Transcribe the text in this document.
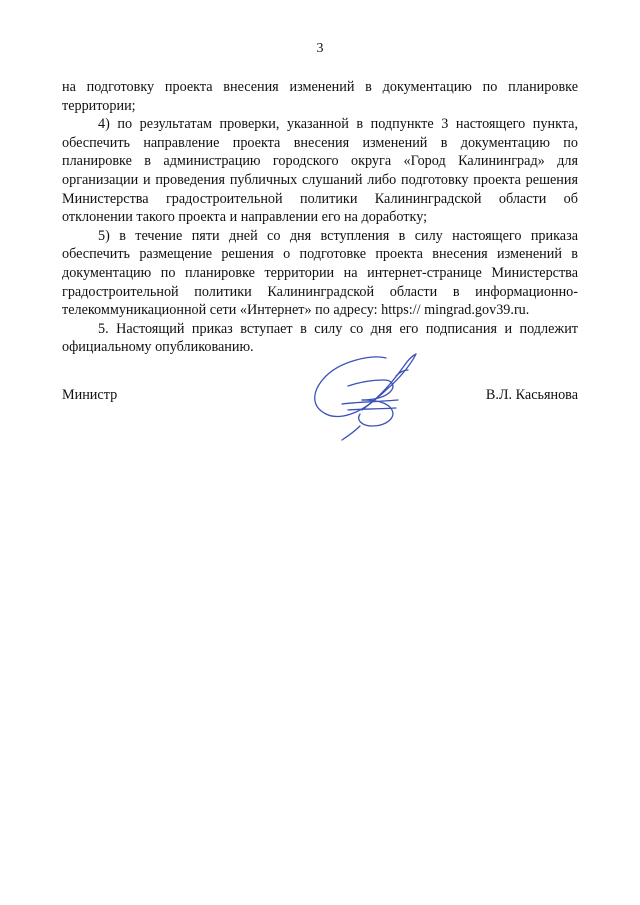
3

на подготовку проекта внесения изменений в документацию по планировке территории;

4) по результатам проверки, указанной в подпункте 3 настоящего пункта, обеспечить направление проекта внесения изменений в документацию по планировке в администрацию городского округа «Город Калининград» для организации и проведения публичных слушаний либо подготовку проекта решения Министерства градостроительной политики Калининградской области об отклонении такого проекта и направлении его на доработку;

5) в течение пяти дней со дня вступления в силу настоящего приказа обеспечить размещение решения о подготовке проекта внесения изменений в документацию по планировке территории на интернет-странице Министерства градостроительной политики Калининградской области в информационно-телекоммуникационной сети «Интернет» по адресу: https:// mingrad.gov39.ru.

5. Настоящий приказ вступает в силу со дня его подписания и подлежит официальному опубликованию.

Министр	В.Л. Касьянова
